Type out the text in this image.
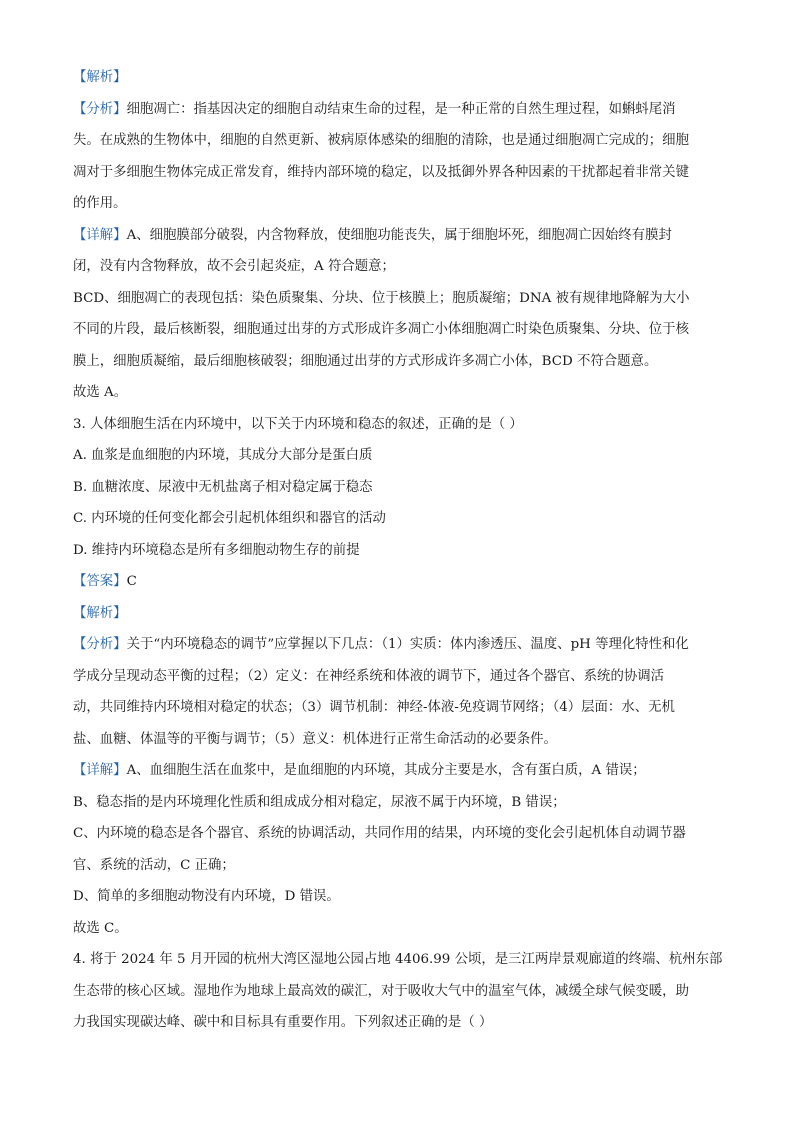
【解析】
【分析】细胞凋亡：指基因决定的细胞自动结束生命的过程，是一种正常的自然生理过程，如蝌蚪尾消
失。在成熟的生物体中，细胞的自然更新、被病原体感染的细胞的清除，也是通过细胞凋亡完成的；细胞
凋对于多细胞生物体完成正常发育，维持内部环境的稳定，以及抵御外界各种因素的干扰都起着非常关键
的作用。
【详解】A、细胞膜部分破裂，内含物释放，使细胞功能丧失，属于细胞坏死，细胞凋亡因始终有膜封
闭，没有内含物释放，故不会引起炎症，A 符合题意；
BCD、细胞凋亡的表现包括：染色质聚集、分块、位于核膜上；胞质凝缩；DNA 被有规律地降解为大小
不同的片段，最后核断裂，细胞通过出芽的方式形成许多凋亡小体细胞凋亡时染色质聚集、分块、位于核
膜上，细胞质凝缩，最后细胞核破裂；细胞通过出芽的方式形成许多凋亡小体，BCD 不符合题意。
故选 A。
3. 人体细胞生活在内环境中，以下关于内环境和稳态的叙述，正确的是（ ）
A. 血浆是血细胞的内环境，其成分大部分是蛋白质
B. 血糖浓度、尿液中无机盐离子相对稳定属于稳态
C. 内环境的任何变化都会引起机体组织和器官的活动
D. 维持内环境稳态是所有多细胞动物生存的前提
【答案】C
【解析】
【分析】关于“内环境稳态的调节”应掌握以下几点：（1）实质：体内渗透压、温度、pH 等理化特性和化
学成分呈现动态平衡的过程；（2）定义：在神经系统和体液的调节下，通过各个器官、系统的协调活
动，共同维持内环境相对稳定的状态；（3）调节机制：神经-体液-免疫调节网络；（4）层面：水、无机
盐、血糖、体温等的平衡与调节；（5）意义：机体进行正常生命活动的必要条件。
【详解】A、血细胞生活在血浆中，是血细胞的内环境，其成分主要是水，含有蛋白质，A 错误；
B、稳态指的是内环境理化性质和组成成分相对稳定，尿液不属于内环境，B 错误；
C、内环境的稳态是各个器官、系统的协调活动，共同作用的结果，内环境的变化会引起机体自动调节器
官、系统的活动，C 正确；
D、简单的多细胞动物没有内环境，D 错误。
故选 C。
4. 将于 2024 年 5 月开园的杭州大湾区湿地公园占地 4406.99 公顷，是三江两岸景观廊道的终端、杭州东部
生态带的核心区域。湿地作为地球上最高效的碳汇，对于吸收大气中的温室气体，减缓全球气候变暖，助
力我国实现碳达峰、碳中和目标具有重要作用。下列叙述正确的是（ ）
